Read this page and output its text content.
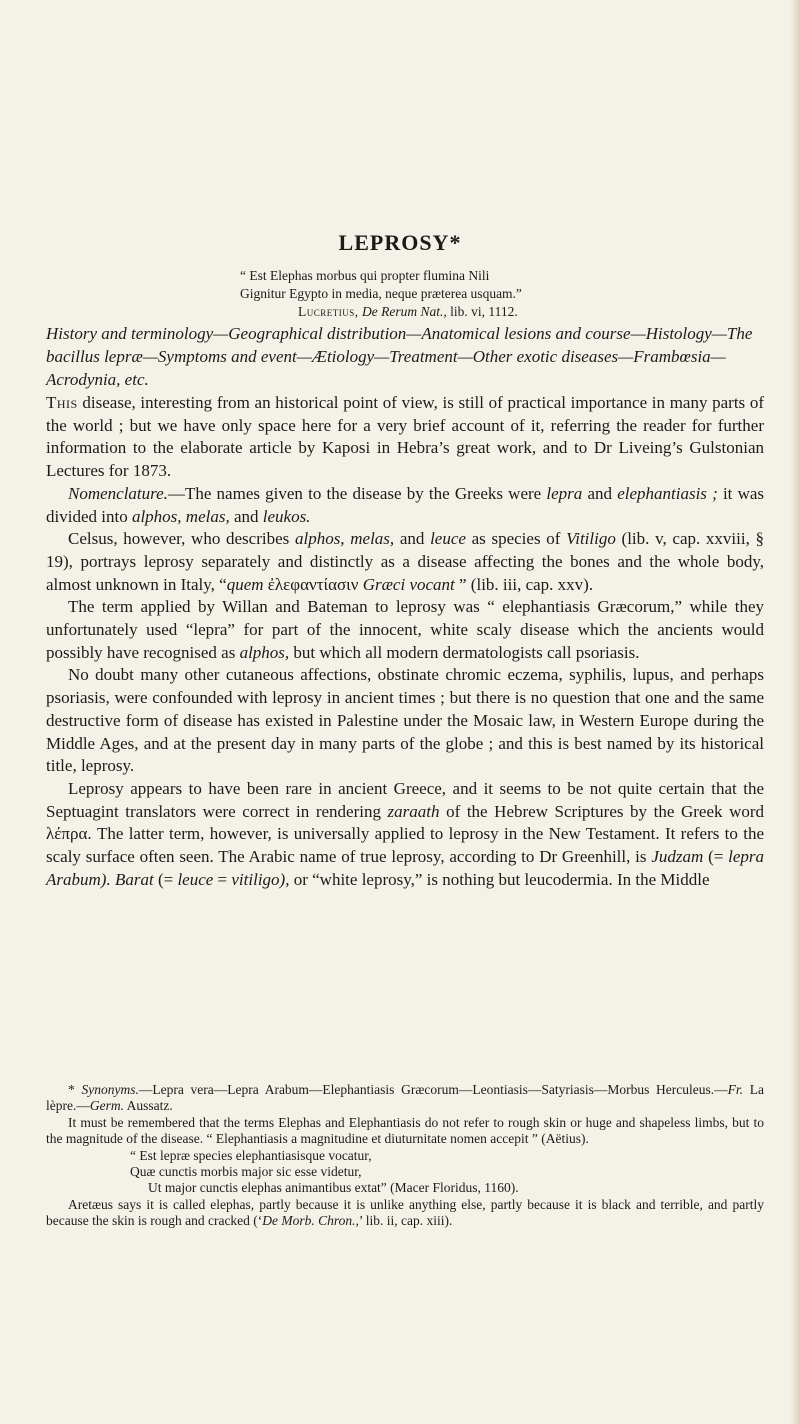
LEPROSY*
“ Est Elephas morbus qui propter flumina Nili
Gignitur Egypto in media, neque præterea usquam.”
Lucretius, De Rerum Nat., lib. vi, 1112.
History and terminology—Geographical distribution—Anatomical lesions and course—Histology—The bacillus lepræ—Symptoms and event—Ætiology—Treatment—Other exotic diseases—Frambœsia—Acrodynia, etc.

This disease, interesting from an historical point of view, is still of practical importance in many parts of the world ; but we have only space here for a very brief account of it, referring the reader for further information to the elaborate article by Kaposi in Hebra’s great work, and to Dr Liveing’s Gulstonian Lectures for 1873.

Nomenclature.—The names given to the disease by the Greeks were lepra and elephantiasis ; it was divided into alphos, melas, and leukos.

Celsus, however, who describes alphos, melas, and leuce as species of Vitiligo (lib. v, cap. xxviii, § 19), portrays leprosy separately and distinctly as a disease affecting the bones and the whole body, almost unknown in Italy, “quem ἐλεφαντίασιν Græci vocant ” (lib. iii, cap. xxv).

The term applied by Willan and Bateman to leprosy was “ elephantiasis Græcorum,” while they unfortunately used “lepra” for part of the innocent, white scaly disease which the ancients would possibly have recognised as alphos, but which all modern dermatologists call psoriasis.

No doubt many other cutaneous affections, obstinate chromic eczema, syphilis, lupus, and perhaps psoriasis, were confounded with leprosy in ancient times ; but there is no question that one and the same destructive form of disease has existed in Palestine under the Mosaic law, in Western Europe during the Middle Ages, and at the present day in many parts of the globe ; and this is best named by its historical title, leprosy.

Leprosy appears to have been rare in ancient Greece, and it seems to be not quite certain that the Septuagint translators were correct in rendering zaraath of the Hebrew Scriptures by the Greek word λέπρα. The latter term, however, is universally applied to leprosy in the New Testament. It refers to the scaly surface often seen. The Arabic name of true leprosy, according to Dr Greenhill, is Judzam (= lepra Arabum). Barat (= leuce = vitiligo), or “white leprosy,” is nothing but leucodermia. In the Middle

* Synonyms.—Lepra vera—Lepra Arabum—Elephantiasis Græcorum—Leontiasis—Satyriasis—Morbus Herculeus.—Fr. La lèpre.—Germ. Aussatz.

It must be remembered that the terms Elephas and Elephantiasis do not refer to rough skin or huge and shapeless limbs, but to the magnitude of the disease. “ Elephantiasis a magnitudine et diuturnitate nomen accepit ” (Aëtius).

“ Est lepræ species elephantiasisque vocatur,
Quæ cunctis morbis major sic esse videtur,
Ut major cunctis elephas animantibus extat” (Macer Floridus, 1160).

Aretæus says it is called elephas, partly because it is unlike anything else, partly because it is black and terrible, and partly because the skin is rough and cracked (‘De Morb. Chron.,’ lib. ii, cap. xiii).
